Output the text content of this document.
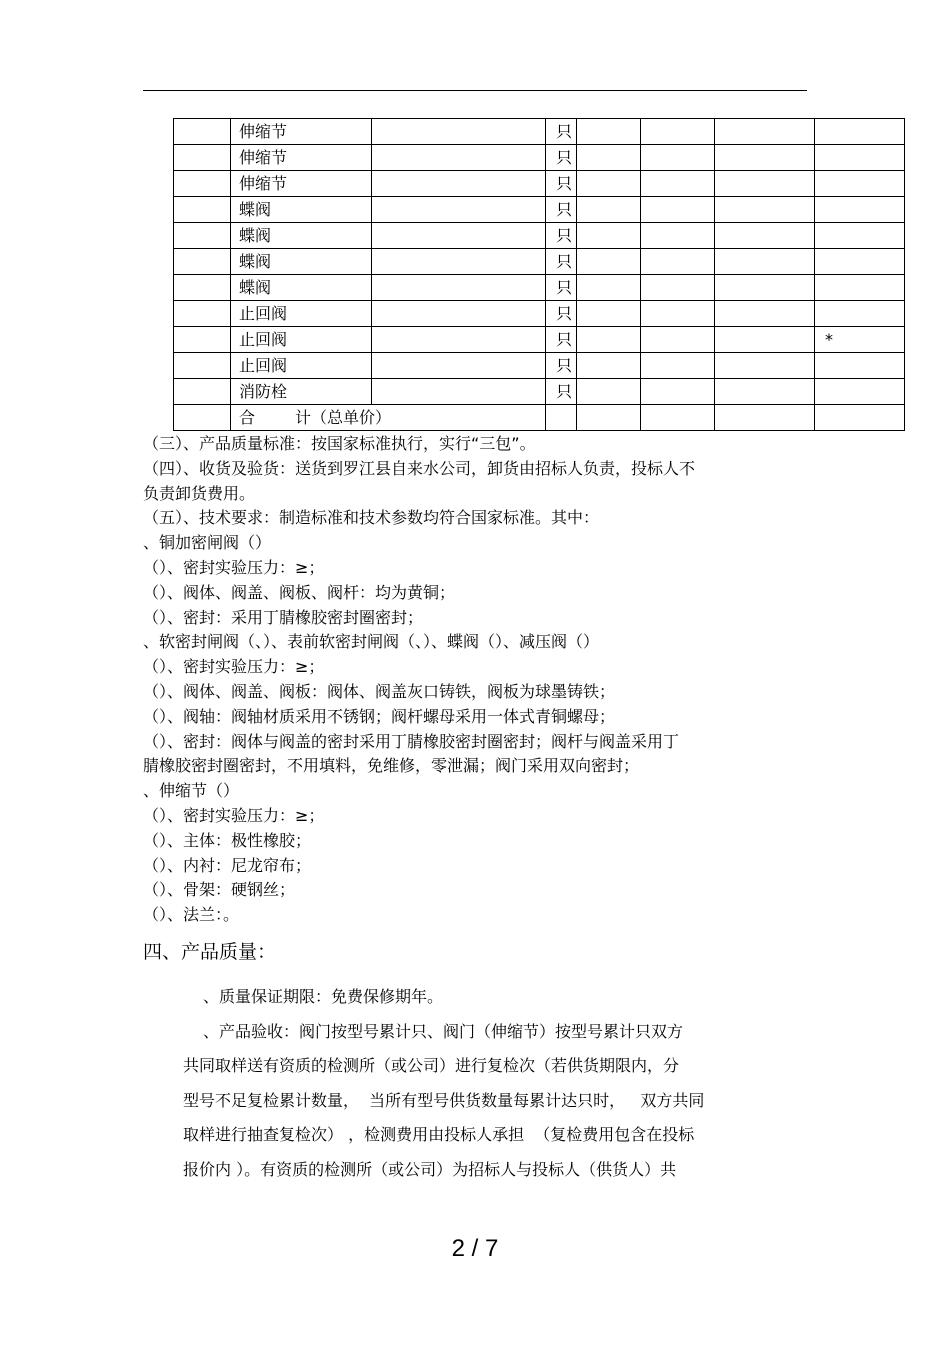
	伸缩节		只				
	伸缩节		只				
	伸缩节		只				
	蝶阀		只				
	蝶阀		只				
	蝶阀		只				
	蝶阀		只				
	止回阀		只				
	止回阀		只				*
	止回阀		只				
	消防栓		只				
	合 计（总单价）						
（三）、产品质量标准：按国家标准执行，实行“三包”。
（四）、收货及验货：送货到罗江县自来水公司，卸货由招标人负责，投标人不
负责卸货费用。
（五）、技术要求：制造标准和技术参数均符合国家标准。其中：
、铜加密闸阀（）
（）、密封实验压力：≥；
（）、阀体、阀盖、阀板、阀杆：均为黄铜；
（）、密封：采用丁腈橡胶密封圈密封；
、软密封闸阀（、）、表前软密封闸阀（、）、蝶阀（）、减压阀（）
（）、密封实验压力：≥；
（）、阀体、阀盖、阀板：阀体、阀盖灰口铸铁，阀板为球墨铸铁；
（）、阀轴：阀轴材质采用不锈钢；阀杆螺母采用一体式青铜螺母；
（）、密封：阀体与阀盖的密封采用丁腈橡胶密封圈密封；阀杆与阀盖采用丁
腈橡胶密封圈密封，不用填料，免维修，零泄漏；阀门采用双向密封；
、伸缩节（）
（）、密封实验压力：≥；
（）、主体：极性橡胶；
（）、内衬：尼龙帘布；
（）、骨架：硬钢丝；
（）、法兰：。
四、产品质量：
、质量保证期限：免费保修期年。
、产品验收：阀门按型号累计只、阀门（伸缩节）按型号累计只双方
共同取样送有资质的检测所（或公司）进行复检次（若供货期限内，分
型号不足复检累计数量，  当所有型号供货数量每累计达只时，   双方共同
取样进行抽查复检次） ，检测费用由投标人承担  （复检费用包含在投标
报价内 ）。有资质的检测所（或公司）为招标人与投标人（供货人）共
2 / 7
